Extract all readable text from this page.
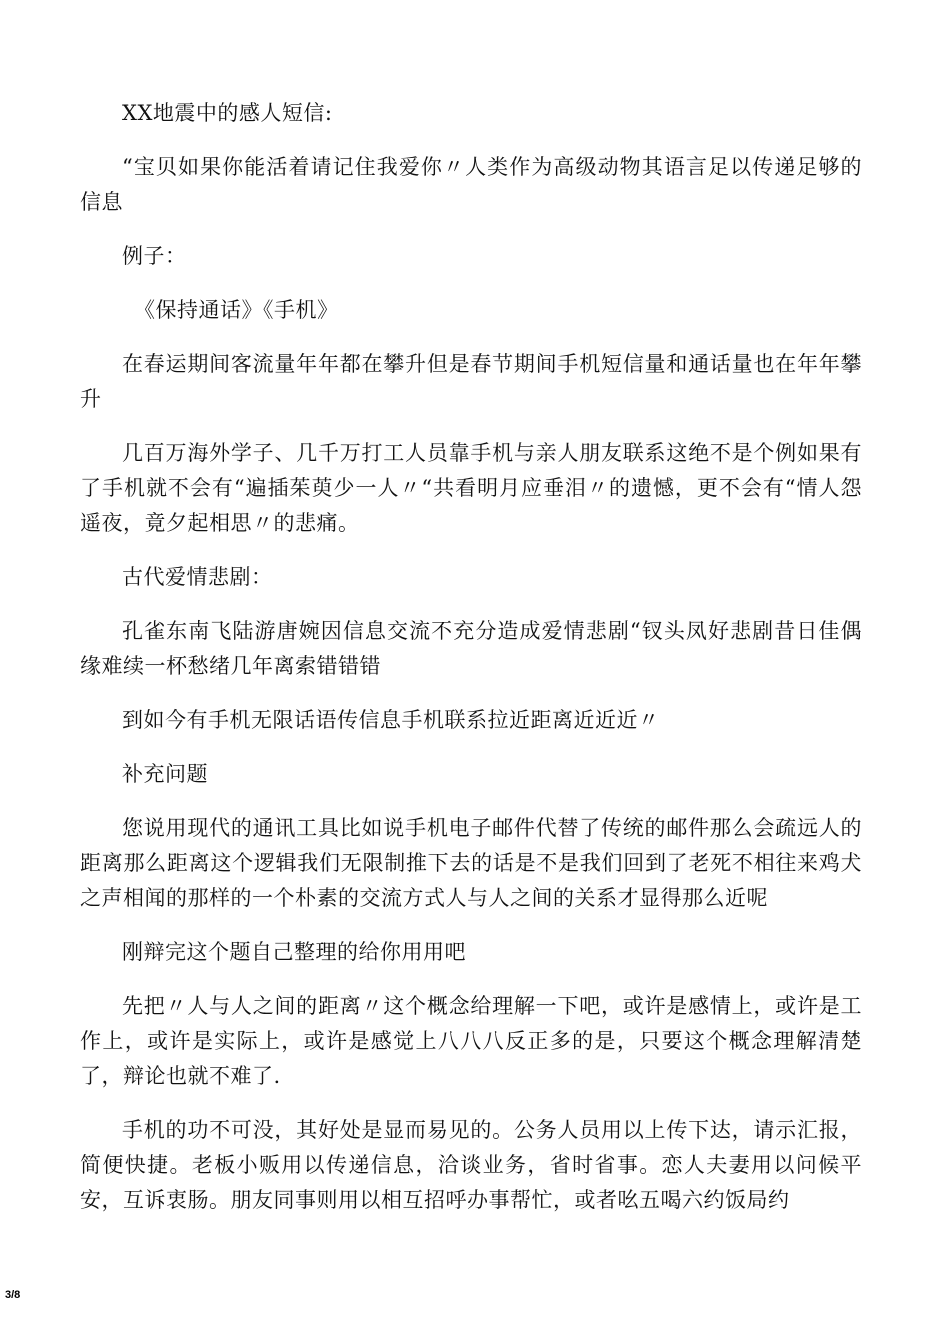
XX地震中的感人短信:

“宝贝如果你能活着请记住我爱你〃人类作为高级动物其语言足以传递足够的信息

例子：

《保持通话》《手机》

在春运期间客流量年年都在攀升但是春节期间手机短信量和通话量也在年年攀升

几百万海外学子、几千万打工人员靠手机与亲人朋友联系这绝不是个例如果有了手机就不会有“遍插茱萸少一人〃“共看明月应垂泪〃的遗憾，更不会有“情人怨遥夜，竟夕起相思〃的悲痛。

古代爱情悲剧：

孔雀东南飞陆游唐婉因信息交流不充分造成爱情悲剧“钗头凤好悲剧昔日佳偶缘难续一杯愁绪几年离索错错错

到如今有手机无限话语传信息手机联系拉近距离近近近〃

补充问题

您说用现代的通讯工具比如说手机电子邮件代替了传统的邮件那么会疏远人的距离那么距离这个逻辑我们无限制推下去的话是不是我们回到了老死不相往来鸡犬之声相闻的那样的一个朴素的交流方式人与人之间的关系才显得那么近呢

刚辩完这个题自己整理的给你用用吧

先把〃人与人之间的距离〃这个概念给理解一下吧，或许是感情上，或许是工作上，或许是实际上，或许是感觉上八八八反正多的是，只要这个概念理解清楚了，辩论也就不难了.

手机的功不可没，其好处是显而易见的。公务人员用以上传下达，请示汇报，简便快捷。老板小贩用以传递信息，洽谈业务，省时省事。恋人夫妻用以问候平安，互诉衷肠。朋友同事则用以相互招呼办事帮忙，或者吆五喝六约饭局约

3/8
